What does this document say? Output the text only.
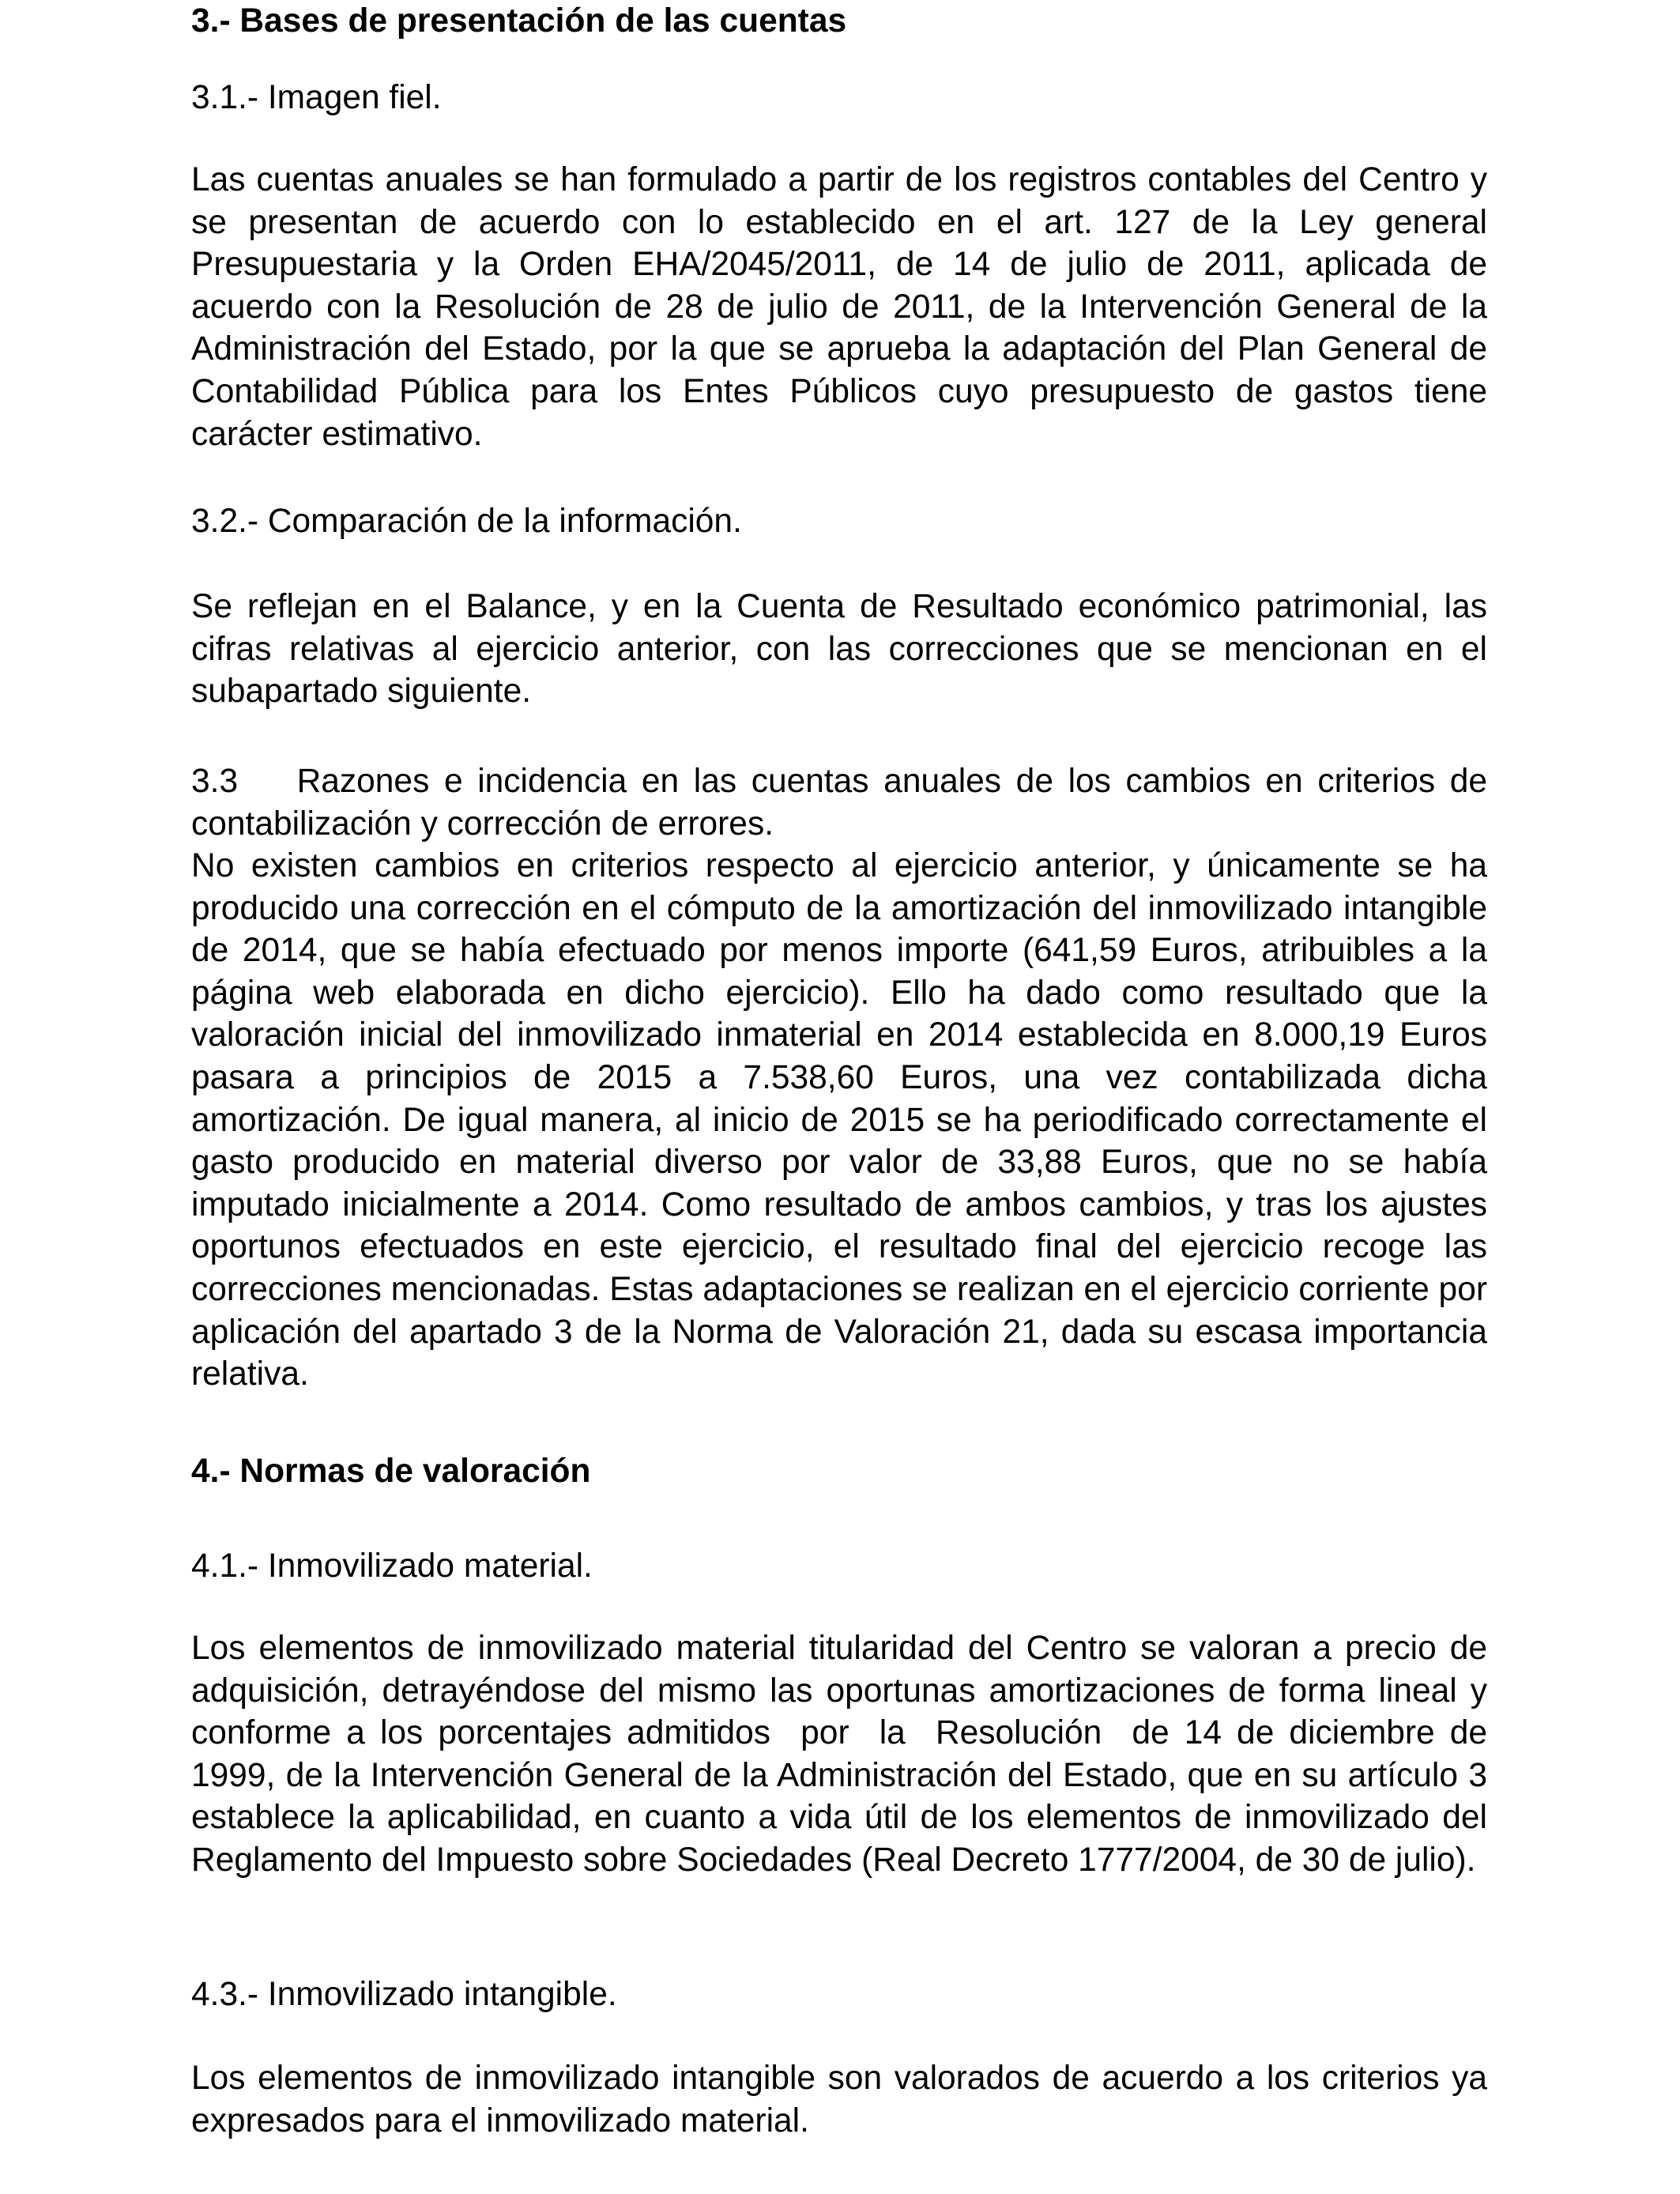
3.- Bases de presentación de las cuentas
3.1.- Imagen fiel.

Las cuentas anuales se han formulado a partir de los registros contables del Centro y se presentan de acuerdo con lo establecido en el art. 127 de la Ley general Presupuestaria y la Orden EHA/2045/2011, de 14 de julio de 2011, aplicada de acuerdo con la Resolución de 28 de julio de 2011, de la Intervención General de la Administración del Estado, por la que se aprueba la adaptación del Plan General de Contabilidad Pública para los Entes Públicos cuyo presupuesto de gastos tiene carácter estimativo.

3.2.- Comparación de la información.

Se reflejan en el Balance, y en la Cuenta de Resultado económico patrimonial, las cifras relativas al ejercicio anterior, con las correcciones que se mencionan en el subapartado siguiente.

3.3    Razones e incidencia en las cuentas anuales de los cambios en criterios de contabilización y corrección de errores.

No existen cambios en criterios respecto al ejercicio anterior, y únicamente se ha producido una corrección en el cómputo de la amortización del inmovilizado intangible de 2014, que se había efectuado por menos importe (641,59 Euros, atribuibles a la página web elaborada en dicho ejercicio). Ello ha dado como resultado que la valoración inicial del inmovilizado inmaterial en 2014 establecida en 8.000,19 Euros pasara a principios de 2015 a 7.538,60 Euros, una vez contabilizada dicha amortización. De igual manera, al inicio de 2015 se ha periodificado correctamente el gasto producido en material diverso por valor de 33,88 Euros, que no se había imputado inicialmente a 2014. Como resultado de ambos cambios, y tras los ajustes oportunos efectuados en este ejercicio, el resultado final del ejercicio recoge las correcciones mencionadas. Estas adaptaciones se realizan en el ejercicio corriente por aplicación del apartado 3 de la Norma de Valoración 21, dada su escasa importancia relativa.

4.- Normas de valoración
4.1.- Inmovilizado material.

Los elementos de inmovilizado material titularidad del Centro se valoran a precio de adquisición, detrayéndose del mismo las oportunas amortizaciones de forma lineal y conforme a los porcentajes admitidos  por  la  Resolución  de 14 de diciembre de 1999, de la Intervención General de la Administración del Estado, que en su artículo 3 establece la aplicabilidad, en cuanto a vida útil de los elementos de inmovilizado del Reglamento del Impuesto sobre Sociedades (Real Decreto 1777/2004, de 30 de julio).

4.3.- Inmovilizado intangible.

Los elementos de inmovilizado intangible son valorados de acuerdo a los criterios ya expresados para el inmovilizado material.
